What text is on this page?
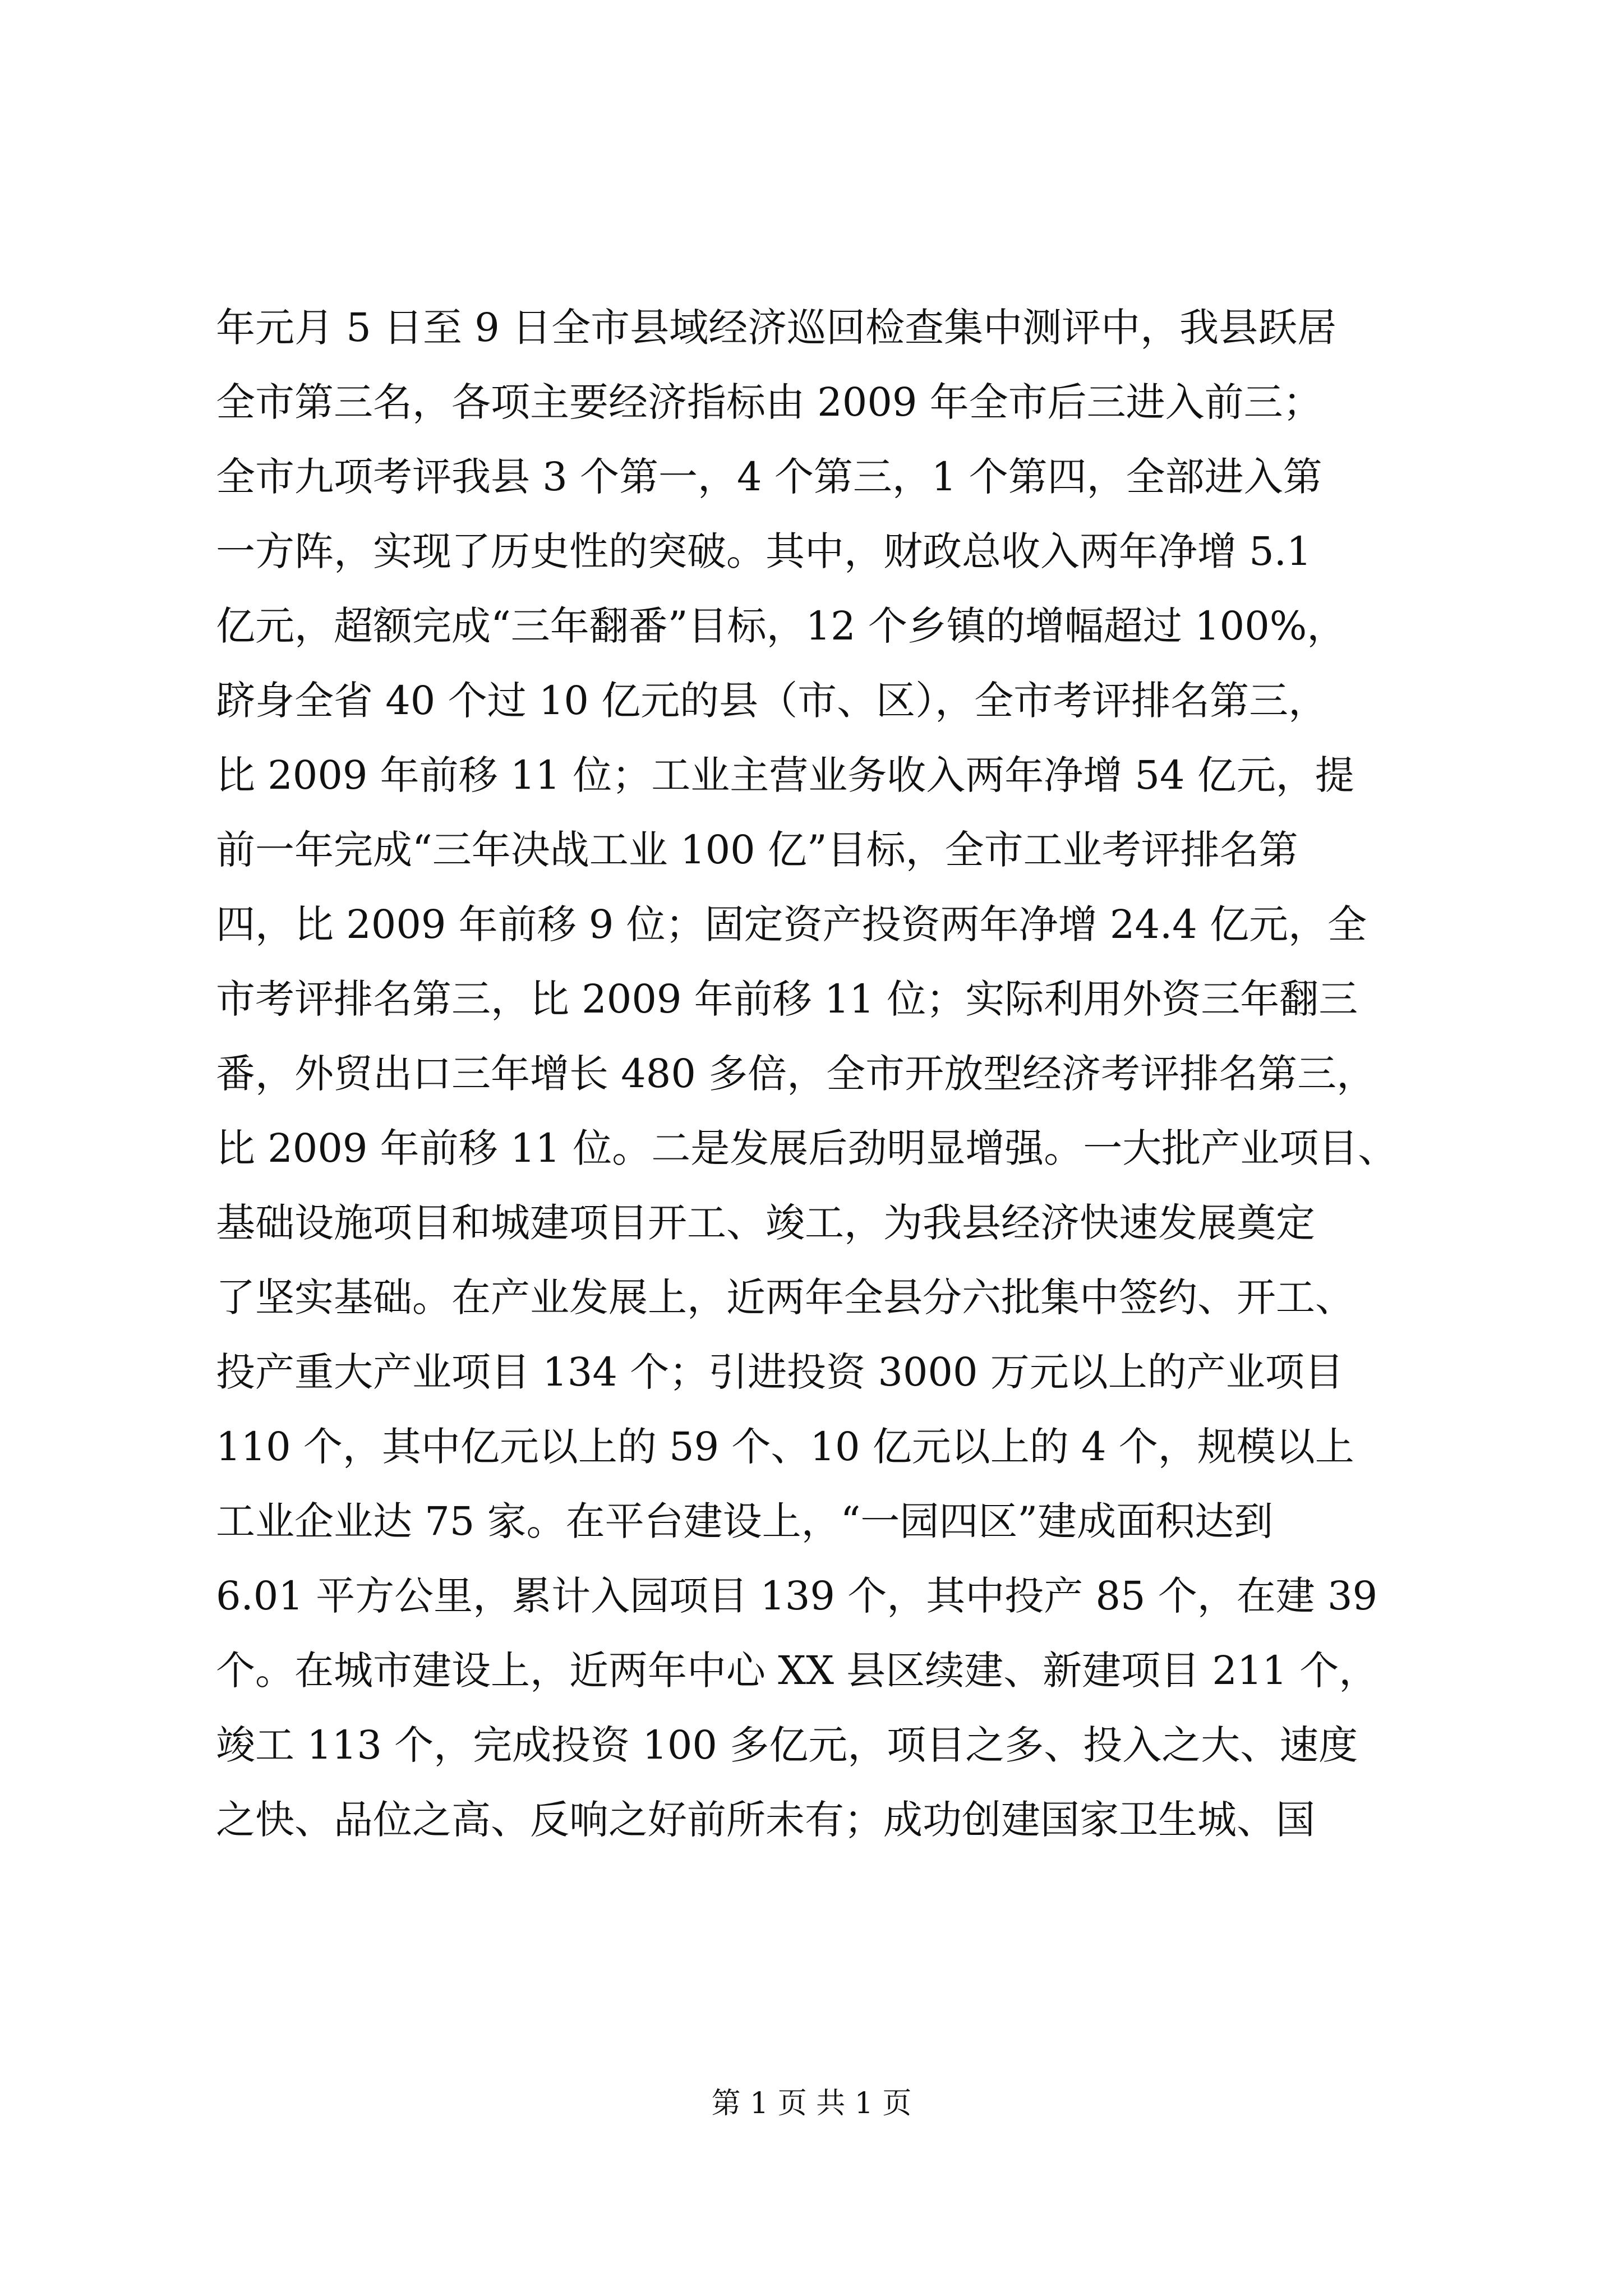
年元月 5 日至 9 日全市县域经济巡回检查集中测评中，我县跃居
全市第三名，各项主要经济指标由 2009 年全市后三进入前三；
全市九项考评我县 3 个第一，4 个第三，1 个第四，全部进入第
一方阵，实现了历史性的突破。其中，财政总收入两年净增 5.1
亿元，超额完成“三年翻番”目标，12 个乡镇的增幅超过 100%，
跻身全省 40 个过 10 亿元的县（市、区），全市考评排名第三，
比 2009 年前移 11 位；工业主营业务收入两年净增 54 亿元，提
前一年完成“三年决战工业 100 亿”目标，全市工业考评排名第
四，比 2009 年前移 9 位；固定资产投资两年净增 24.4 亿元，全
市考评排名第三，比 2009 年前移 11 位；实际利用外资三年翻三
番，外贸出口三年增长 480 多倍，全市开放型经济考评排名第三，
比 2009 年前移 11 位。二是发展后劲明显增强。一大批产业项目、
基础设施项目和城建项目开工、竣工，为我县经济快速发展奠定
了坚实基础。在产业发展上，近两年全县分六批集中签约、开工、
投产重大产业项目 134 个；引进投资 3000 万元以上的产业项目
110 个，其中亿元以上的 59 个、10 亿元以上的 4 个，规模以上
工业企业达 75 家。在平台建设上，“一园四区”建成面积达到
6.01 平方公里，累计入园项目 139 个，其中投产 85 个，在建 39
个。在城市建设上，近两年中心 XX 县区续建、新建项目 211 个，
竣工 113 个，完成投资 100 多亿元，项目之多、投入之大、速度
之快、品位之高、反响之好前所未有；成功创建国家卫生城、国
第 1 页 共 1 页
